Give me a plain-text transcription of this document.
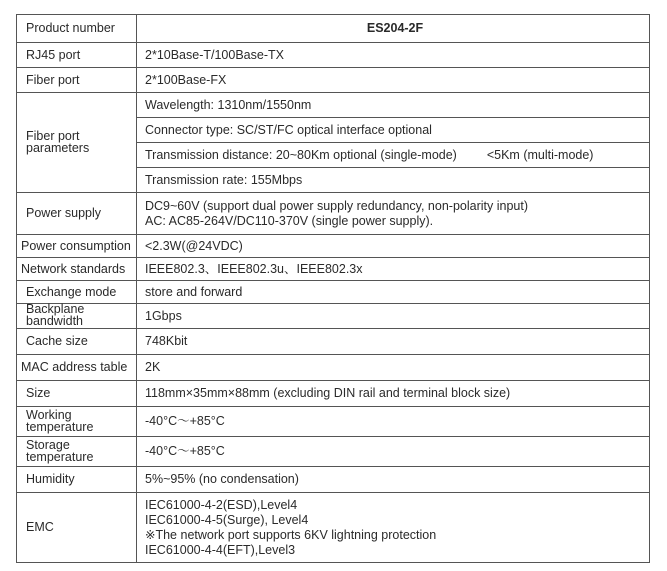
Product number	ES204-2F
RJ45 port	2*10Base-T/100Base-TX
Fiber port	2*100Base-FX

Fiber port
parameters	Wavelength: 1310nm/1550nm
	Connector type: SC/ST/FC optical interface optional
	Transmission distance: 20~80Km optional (single-mode) <5Km (multi-mode)
	Transmission rate: 155Mbps
Power supply	DC9~60V (support dual power supply redundancy, non-polarity input)
AC: AC85-264V/DC110-370V (single power supply).

Power consumption	<2.3W(@24VDC)
Network standards	IEEE802.3、IEEE802.3u、IEEE802.3x
Exchange mode	store and forward

Backplane
bandwidth	1Gbps
Cache size	748Kbit
MAC address table	2K
Size	118mm×35mm×88mm (excluding DIN rail and terminal block size)

Working
temperature	-40°C～+85°C

Storage
temperature	-40°C～+85°C
Humidity	5%~95% (no condensation)
EMC	IEC61000-4-2(ESD),Level4
IEC61000-4-5(Surge), Level4
※The network port supports 6KV lightning protection
IEC61000-4-4(EFT),Level3
